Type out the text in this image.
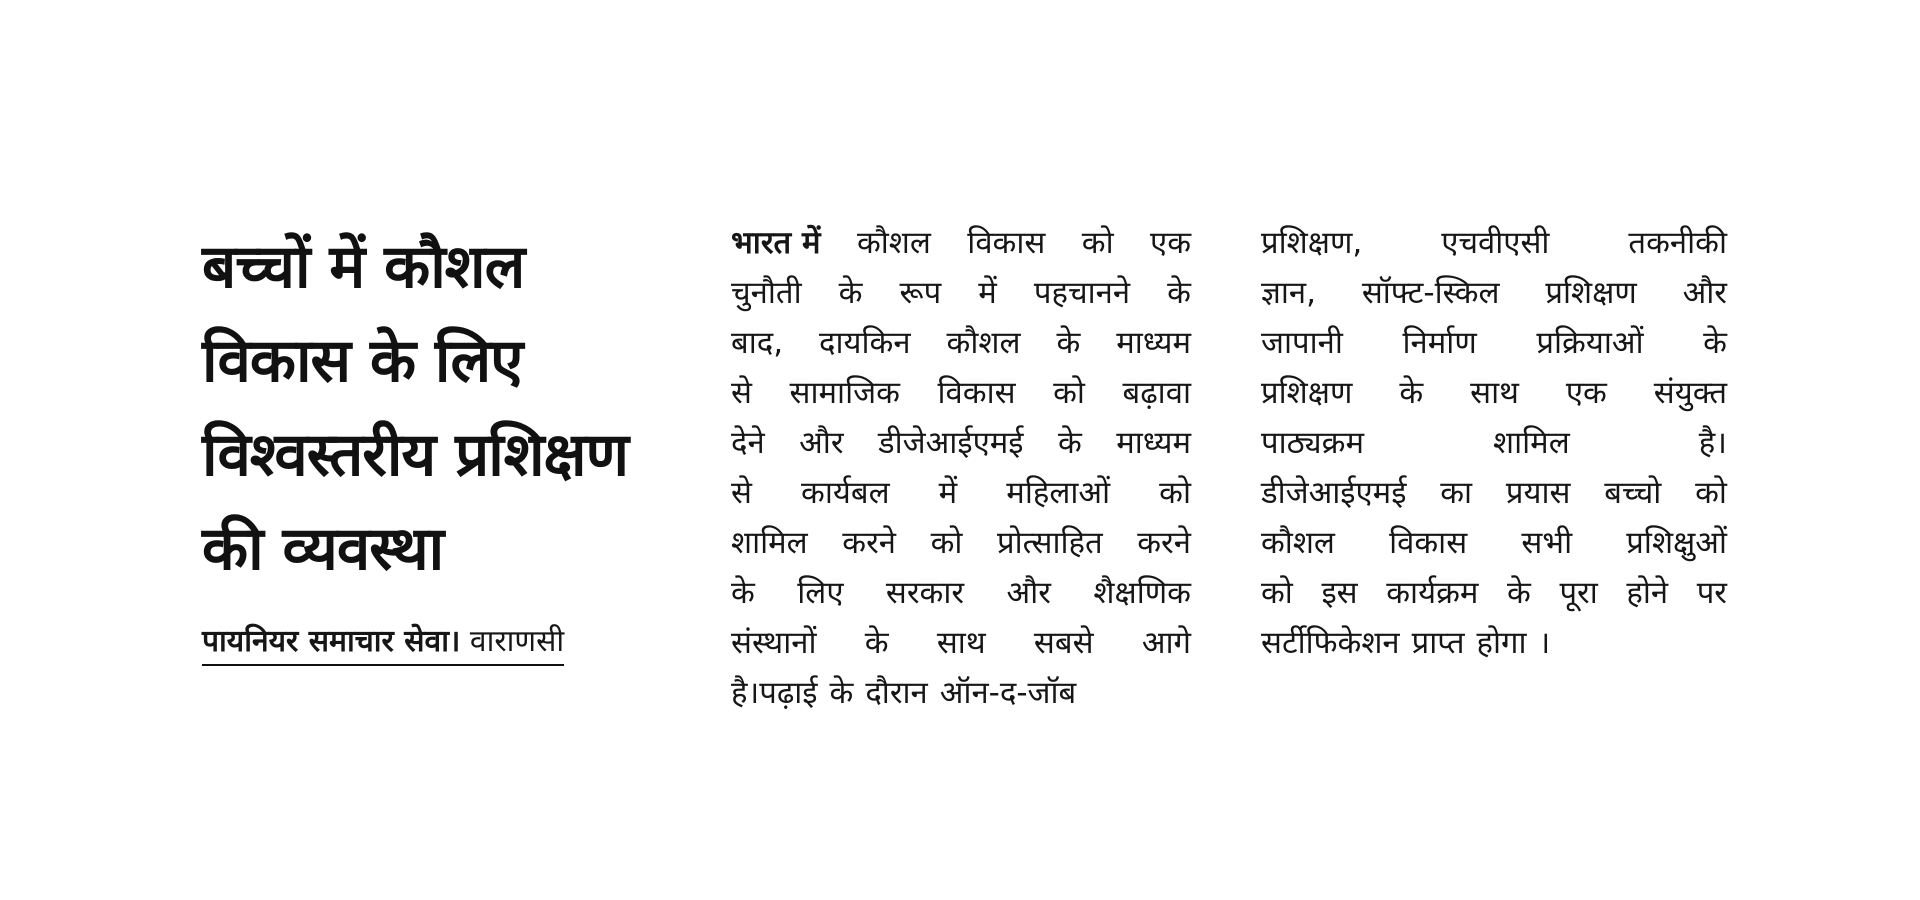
बच्चों में कौशल
विकास के लिए
विश्वस्तरीय प्रशिक्षण
की व्यवस्था
पायनियर समाचार सेवा। वाराणसी
भारत में कौशल विकास को एक
चुनौती के रूप में पहचानने के
बाद, दायकिन कौशल के माध्यम
से सामाजिक विकास को बढ़ावा
देने और डीजेआईएमई के माध्यम
से कार्यबल में महिलाओं को
शामिल करने को प्रोत्साहित करने
के लिए सरकार और शैक्षणिक
संस्थानों के साथ सबसे आगे
है।पढ़ाई के दौरान ऑन-द-जॉब
प्रशिक्षण,	एचवीएसी	तकनीकी
ज्ञान, सॉफ्ट-स्किल प्रशिक्षण और
जापानी निर्माण प्रक्रियाओं के
प्रशिक्षण के साथ एक संयुक्त
पाठ्यक्रम	शामिल	है।
डीजेआईएमई का प्रयास बच्चो को
कौशल विकास सभी प्रशिक्षुओं
को इस कार्यक्रम के पूरा होने पर
सर्टीफिकेशन प्राप्त होगा ।
